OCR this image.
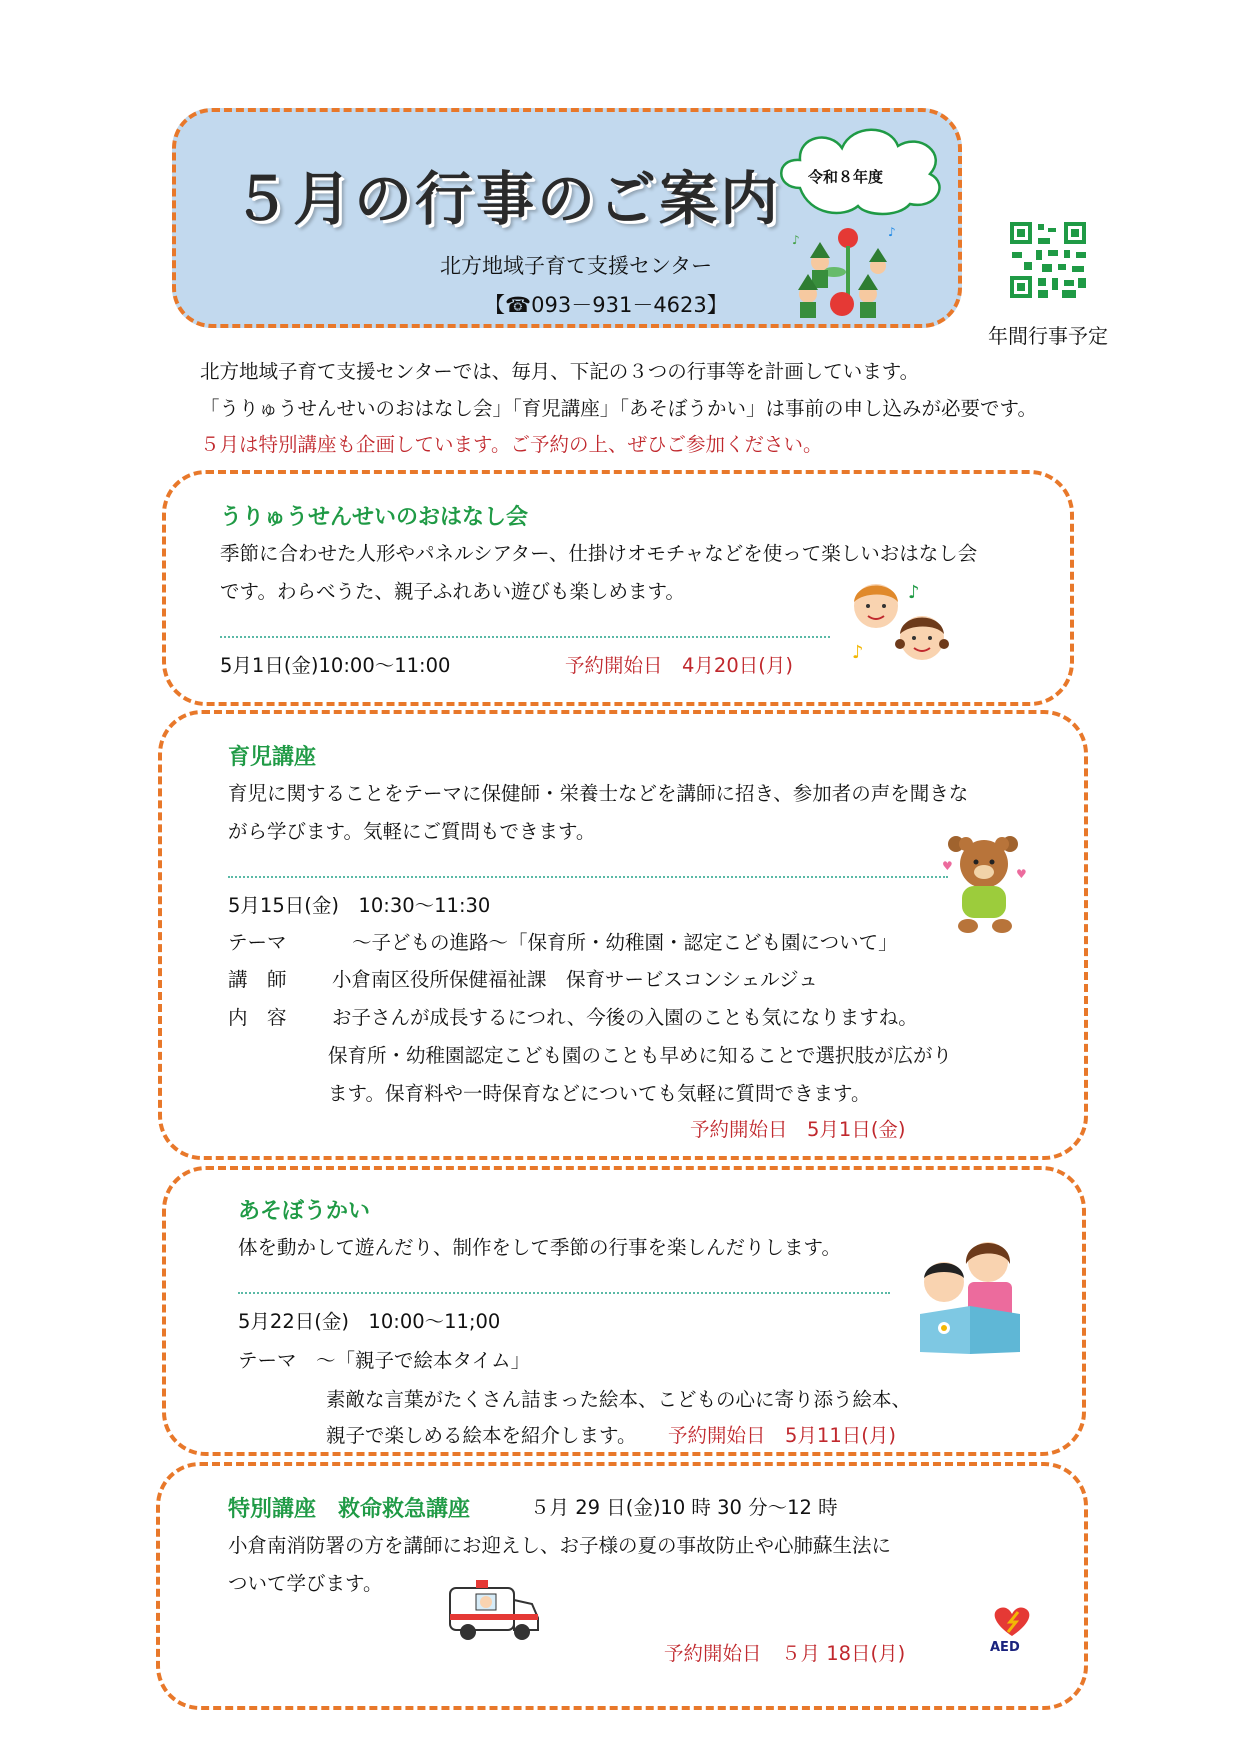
５月の行事のご案内 令和８年度
北方地域子育て支援センター
【☎093－931－4623】
♪
♪
年間行事予定
北方地域子育て支援センターでは、毎月、下記の３つの行事等を計画しています。
「うりゅうせんせいのおはなし会」「育児講座」「あそぼうかい」は事前の申し込みが必要です。
５月は特別講座も企画しています。ご予約の上、ぜひご参加ください。
うりゅうせんせいのおはなし会
季節に合わせた人形やパネルシアター、仕掛けオモチャなどを使って楽しいおはなし会
です。わらべうた、親子ふれあい遊びも楽しめます。
5月1日(金)10:00～11:00	予約開始日　4月20日(月)
♪
♪
育児講座
育児に関することをテーマに保健師・栄養士などを講師に招き、参加者の声を聞きな
がら学びます。気軽にご質問もできます。
5月15日(金)　10:30～11:30
テーマ	～子どもの進路～「保育所・幼稚園・認定こども園について」
講　師 小倉南区役所保健福祉課　保育サービスコンシェルジュ
内　容 お子さんが成長するにつれ、今後の入園のことも気になりますね。
保育所・幼稚園認定こども園のことも早めに知ることで選択肢が広がり
ます。保育料や一時保育などについても気軽に質問できます。
予約開始日　5月1日(金)
♥
♥
あそぼうかい
体を動かして遊んだり、制作をして季節の行事を楽しんだりします。
5月22日(金)　10:00～11;00
テーマ ～「親子で絵本タイム」
素敵な言葉がたくさん詰まった絵本、こどもの心に寄り添う絵本、
親子で楽しめる絵本を紹介します。 予約開始日　5月11日(月)
特別講座　救命救急講座	５月 29 日(金)10 時 30 分～12 時
小倉南消防署の方を講師にお迎えし、お子様の夏の事故防止や心肺蘇生法に
ついて学びます。
予約開始日　５月 18日(月)	AED
